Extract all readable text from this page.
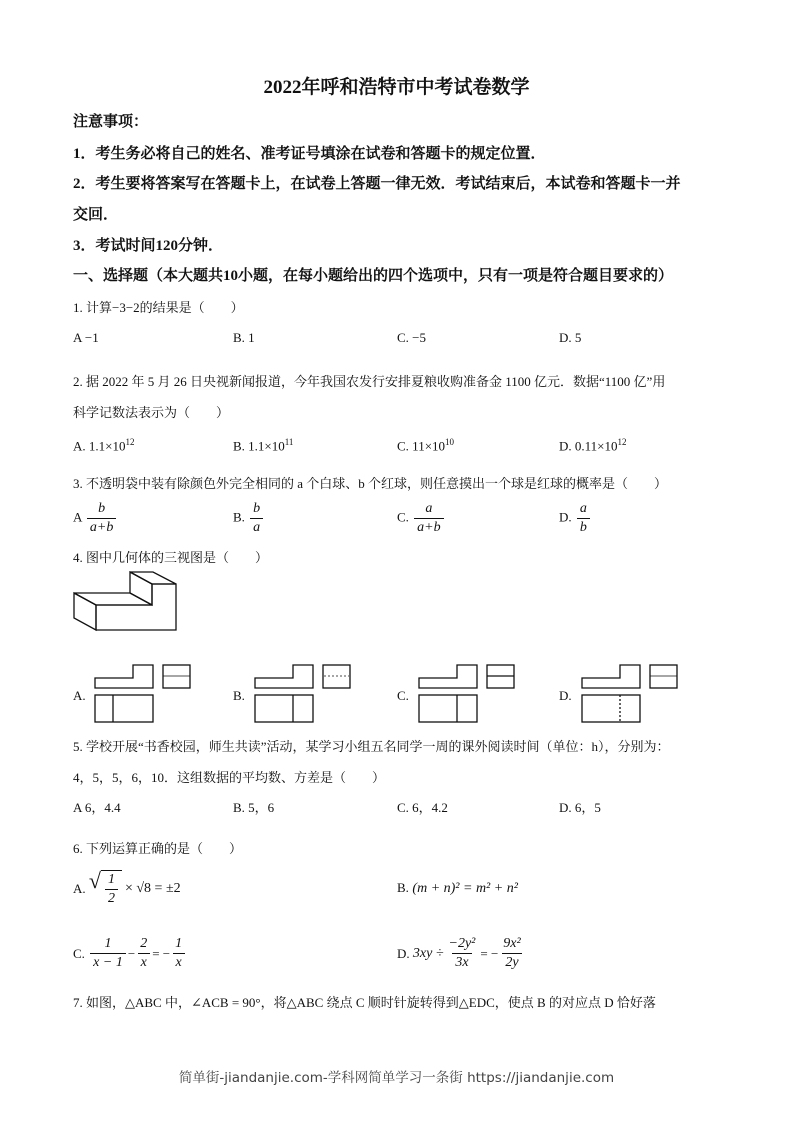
2022年呼和浩特市中考试卷数学
注意事项：
1．考生务必将自己的姓名、准考证号填涂在试卷和答题卡的规定位置．
2．考生要将答案写在答题卡上，在试卷上答题一律无效．考试结束后，本试卷和答题卡一并
交回．
3．考试时间120分钟．
一、选择题（本大题共10小题，在每小题给出的四个选项中，只有一项是符合题目要求的）
1. 计算−3−2的结果是（　　）
A −1	B. 1	C. −5	D. 5
2. 据 2022 年 5 月 26 日央视新闻报道，今年我国农发行安排夏粮收购准备金 1100 亿元．数据“1100 亿”用
科学记数法表示为（　　）
A. $1.1\times 10^{12}$	B. $1.1\times 10^{11}$	C. $11\times 10^{10}$	D. $0.11\times 10^{12}$
3. 不透明袋中装有除颜色外完全相同的 a 个白球、b 个红球，则任意摸出一个球是红球的概率是（　　）
A $\frac{b}{a+b}$	B. $\frac{b}{a}$	C. $\frac{a}{a+b}$	D. $\frac{a}{b}$
4. 图中几何体的三视图是（　　）
A.	B.	C.	D.
5. 学校开展“书香校园，师生共读”活动，某学习小组五名同学一周的课外阅读时间（单位：h），分别为：
4，5，5，6，10．这组数据的平均数、方差是（　　）
A 6，4.4	B. 5，6	C. 6，4.2	D. 6，5
6. 下列运算正确的是（　　）
A.
√ $\frac{1}{2} \times √8 = \pm 2$	B. (m + n)² = m² + n²
C.
$\frac{1}{x - 1} - \frac{2}{x}$ = − $\frac{1}{x}$	D.
$3xy \div \frac{\text{−2y²}}{3x}$ = − $\frac{\text{9x²}}{2y}$
7. 如图，△ABC 中，∠ACB = 90°，将△ABC 绕点 C 顺时针旋转得到△EDC，使点 B 的对应点 D 恰好落
简单街-jiandanjie.com-学科网简单学习一条街 https://jiandanjie.com
